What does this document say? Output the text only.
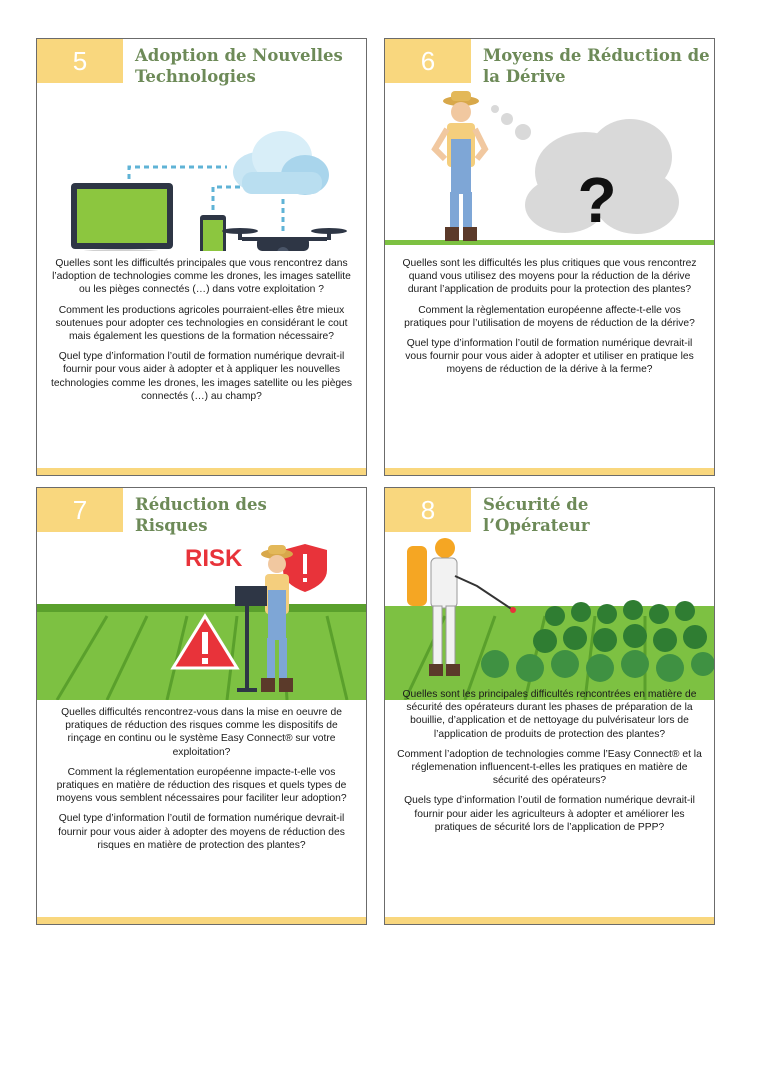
5	Adoption de Nouvelles
Technologies

Quelles sont les difficultés principales que vous rencontrez dans l’adoption de technologies comme les drones, les images satellite ou les pièges connectés (…) dans votre exploitation ?

Comment les productions agricoles pourraient-elles être mieux soutenues pour adopter ces technologies en considérant le cout mais également les questions de la formation nécessaire?

Quel type d’information l’outil de formation numérique devrait-il fournir pour vous aider à adopter et à appliquer les nouvelles technologies comme les drones, les images satellite ou les pièges connectés (…) au champ?

6	Moyens de Réduction de
la Dérive
?

Quelles sont les difficultés les plus critiques que vous rencontrez quand vous utilisez des moyens pour la réduction de la dérive durant l’application de produits pour la protection des plantes?

Comment la règlementation européenne affecte-t-elle vos pratiques pour l’utilisation de moyens de réduction de la dérive?

Quel type d’information l’outil de formation numérique devrait-il vous fournir pour vous aider à adopter et utiliser en pratique les moyens de réduction de la dérive à la ferme?

7	Réduction des
Risques
RISK

Quelles difficultés rencontrez-vous dans la mise en oeuvre de pratiques de réduction des risques comme les dispositifs de rinçage en continu ou le système Easy Connect® sur votre exploitation?

Comment la réglementation européenne impacte-t-elle vos pratiques en matière de réduction des risques et quels types de moyens vous semblent nécessaires pour faciliter leur adoption?

Quel type d’information l’outil de formation numérique devrait-il fournir pour vous aider à adopter des moyens de réduction des risques en matière de protection des plantes?

8	Sécurité de
l’Opérateur

Quelles sont les principales difficultés rencontrées en matière de sécurité des opérateurs durant les phases de préparation de la bouillie, d’application et de nettoyage du pulvérisateur lors de l’application de produits de protection des plantes?

Comment l’adoption de technologies comme l’Easy Connect® et la réglemenation influencent-t-elles les pratiques en matière de sécurité des opérateurs?

Quels type d’information l’outil de formation numérique devrait-il fournir pour aider les agriculteurs à adopter et améliorer les pratiques de sécurité lors de l’application de PPP?
